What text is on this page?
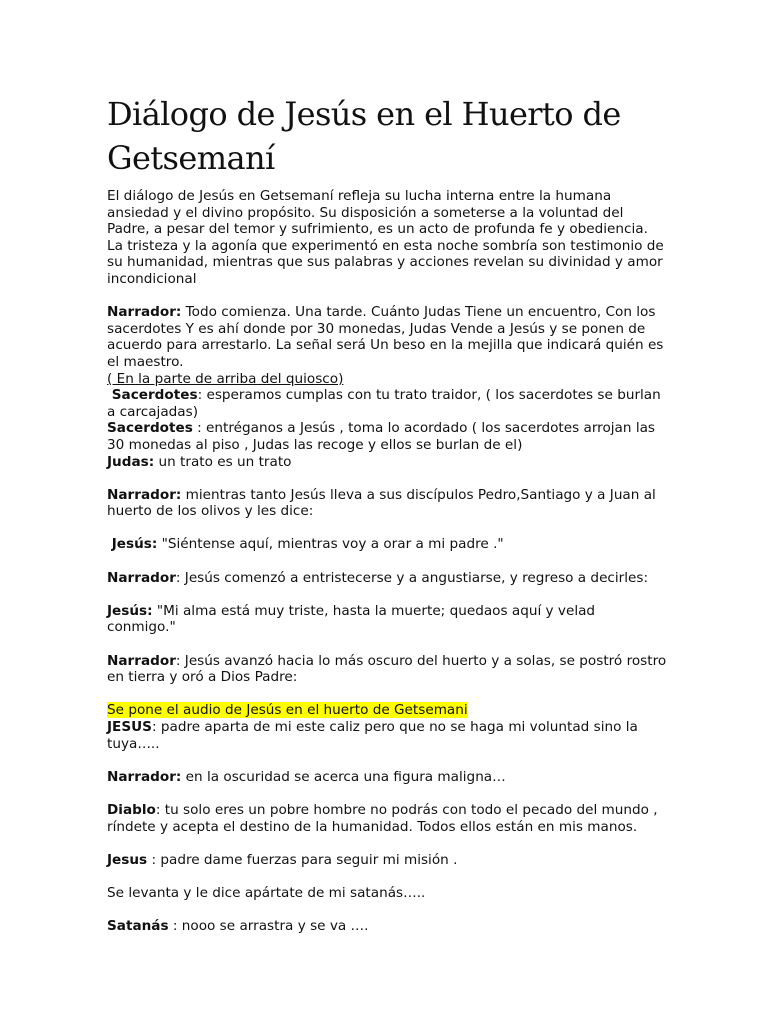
Diálogo de Jesús en el Huerto de Getsemaní

El diálogo de Jesús en Getsemaní refleja su lucha interna entre la humana ansiedad y el divino propósito. Su disposición a someterse a la voluntad del Padre, a pesar del temor y sufrimiento, es un acto de profunda fe y obediencia. La tristeza y la agonía que experimentó en esta noche sombría son testimonio de su humanidad, mientras que sus palabras y acciones revelan su divinidad y amor incondicional

Narrador: Todo comienza. Una tarde. Cuánto Judas Tiene un encuentro, Con los sacerdotes Y es ahí donde por 30 monedas, Judas Vende a Jesús y se ponen de acuerdo para arrestarlo. La señal será Un beso en la mejilla que indicará quién es el maestro.

( En la parte de arriba del quiosco)

Sacerdotes: esperamos cumplas con tu trato traidor, ( los sacerdotes se burlan a carcajadas)

Sacerdotes : entréganos a Jesús , toma lo acordado ( los sacerdotes arrojan las 30 monedas al piso , Judas las recoge y ellos se burlan de el)

Judas: un trato es un trato

Narrador: mientras tanto Jesús lleva a sus discípulos Pedro,Santiago y a Juan al huerto de los olivos y les dice:

Jesús: "Siéntense aquí, mientras voy a orar a mi padre ."

Narrador: Jesús comenzó a entristecerse y a angustiarse, y regreso a decirles:

Jesús: "Mi alma está muy triste, hasta la muerte; quedaos aquí y velad conmigo."

Narrador: Jesús avanzó hacia lo más oscuro del huerto y a solas, se postró rostro en tierra y oró a Dios Padre:

Se pone el audio de Jesús en el huerto de Getsemani

JESUS: padre aparta de mi este caliz pero que no se haga mi voluntad sino la tuya…..

Narrador: en la oscuridad se acerca una figura maligna…

Diablo: tu solo eres un pobre hombre no podrás con todo el pecado del mundo , ríndete y acepta el destino de la humanidad. Todos ellos están en mis manos.

Jesus : padre dame fuerzas para seguir mi misión .

Se levanta y le dice apártate de mi satanás…..

Satanás : nooo se arrastra y se va ….
